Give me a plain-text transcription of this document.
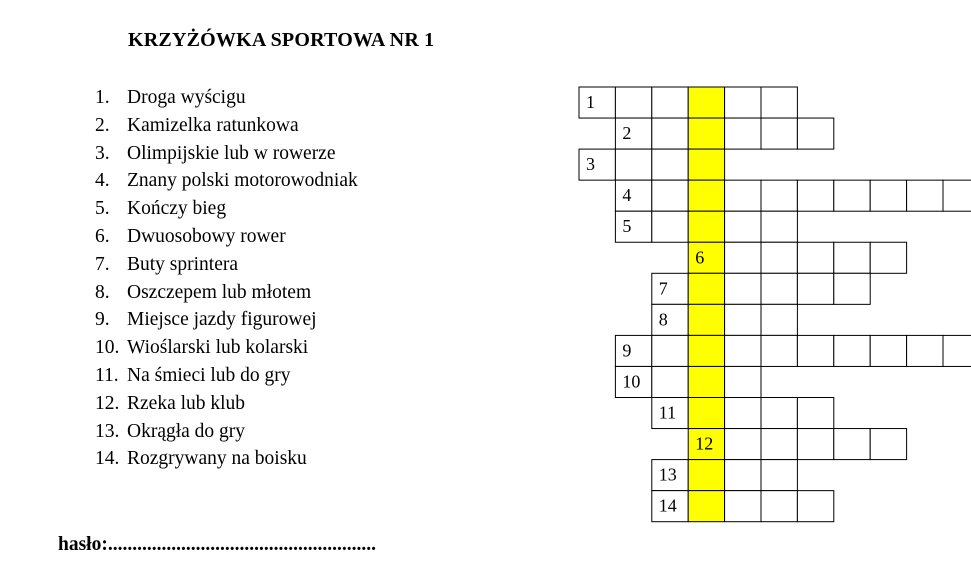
KRZYŻÓWKA SPORTOWA NR 1
1. Droga wyścigu
2. Kamizelka ratunkowa
3. Olimpijskie lub w rowerze
4. Znany polski motorowodniak
5. Kończy bieg
6. Dwuosobowy rower
7. Buty sprintera
8. Oszczepem lub młotem
9. Miejsce jazdy figurowej
10. Wioślarski lub kolarski
11. Na śmieci lub do gry
12. Rzeka lub klub
13. Okrągła do gry
14. Rozgrywany na boisku
1
2
3
4
5
6
7
8
9
10
11
12
13
14
hasło:.......................................................
